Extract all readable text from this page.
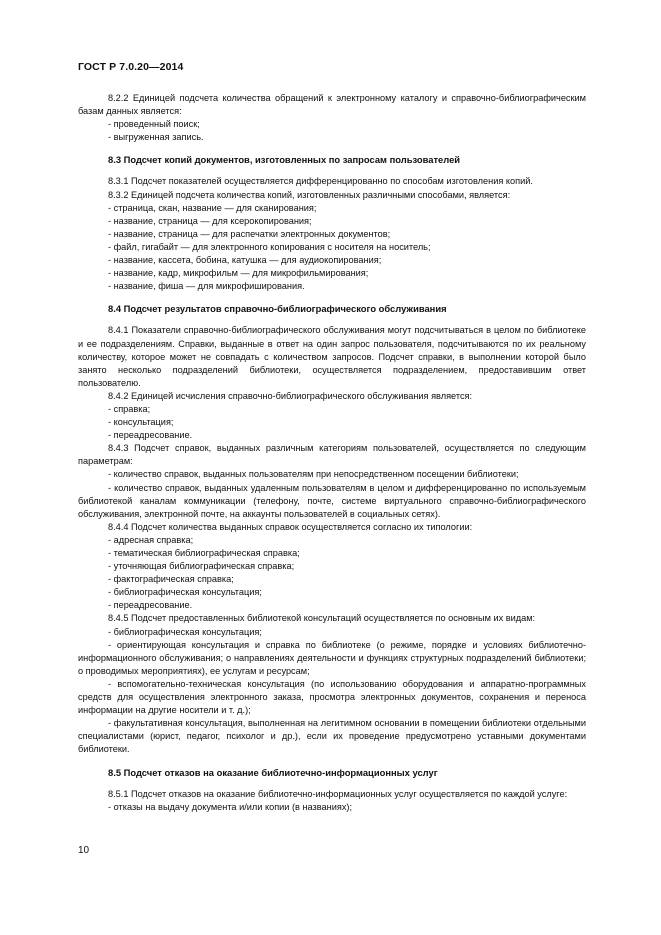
ГОСТ Р 7.0.20—2014

8.2.2 Единицей подсчета количества обращений к электронному каталогу и справочно-библиографическим базам данных является:

- проведенный поиск;

- выгруженная запись.

8.3 Подсчет копий документов, изготовленных по запросам пользователей

8.3.1 Подсчет показателей осуществляется дифференцированно по способам изготовления копий.

8.3.2 Единицей подсчета количества копий, изготовленных различными способами, является:

- страница, скан, название — для сканирования;

- название, страница — для ксерокопирования;

- название, страница — для распечатки электронных документов;

- файл, гигабайт — для электронного копирования с носителя на носитель;

- название, кассета, бобина, катушка — для аудиокопирования;

- название, кадр, микрофильм — для микрофильмирования;

- название, фиша — для микрофиширования.

8.4 Подсчет результатов справочно-библиографического обслуживания

8.4.1 Показатели справочно-библиографического обслуживания могут подсчитываться в целом по библиотеке и ее подразделениям. Справки, выданные в ответ на один запрос пользователя, подсчитываются по их реальному количеству, которое может не совпадать с количеством запросов. Подсчет справки, в выполнении которой было занято несколько подразделений библиотеки, осуществляется подразделением, предоставившим ответ пользователю.

8.4.2 Единицей исчисления справочно-библиографического обслуживания является:

- справка;

- консультация;

- переадресование.

8.4.3 Подсчет справок, выданных различным категориям пользователей, осуществляется по следующим параметрам:

- количество справок, выданных пользователям при непосредственном посещении библиотеки;

- количество справок, выданных удаленным пользователям в целом и дифференцированно по используемым библиотекой каналам коммуникации (телефону, почте, системе виртуального справочно-библиографического обслуживания, электронной почте, на аккаунты пользователей в социальных сетях).

8.4.4 Подсчет количества выданных справок осуществляется согласно их типологии:

- адресная справка;

- тематическая библиографическая справка;

- уточняющая библиографическая справка;

- фактографическая справка;

- библиографическая консультация;

- переадресование.

8.4.5 Подсчет предоставленных библиотекой консультаций осуществляется по основным их видам:

- библиографическая консультация;

- ориентирующая консультация и справка по библиотеке (о режиме, порядке и условиях библиотечно-информационного обслуживания; о направлениях деятельности и функциях структурных подразделений библиотеки; о проводимых мероприятиях), ее услугам и ресурсам;

- вспомогательно-техническая консультация (по использованию оборудования и аппаратно-программных средств для осуществления электронного заказа, просмотра электронных документов, сохранения и переноса информации на другие носители и т. д.);

- факультативная консультация, выполненная на легитимном основании в помещении библиотеки отдельными специалистами (юрист, педагог, психолог и др.), если их проведение предусмотрено уставными документами библиотеки.

8.5 Подсчет отказов на оказание библиотечно-информационных услуг

8.5.1 Подсчет отказов на оказание библиотечно-информационных услуг осуществляется по каждой услуге:

- отказы на выдачу документа и/или копии (в названиях);

10
